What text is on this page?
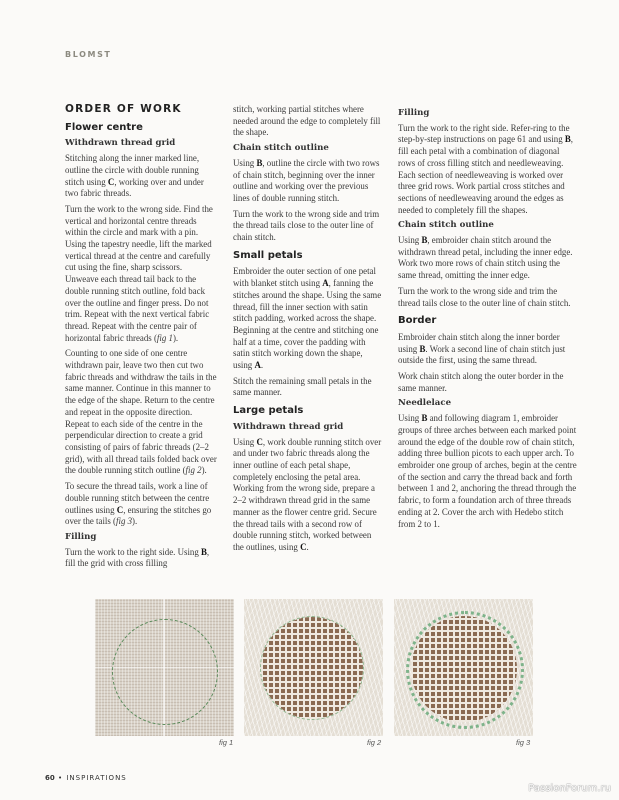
BLOMST
ORDER OF WORK
Flower centre
Withdrawn thread grid

Stitching along the inner marked line, outline the circle with double running stitch using C, working over and under two fabric threads.

Turn the work to the wrong side. Find the vertical and horizontal centre threads within the circle and mark with a pin. Using the tapestry needle, lift the marked vertical thread at the centre and carefully cut using the fine, sharp scissors. Unweave each thread tail back to the double running stitch outline, fold back over the outline and finger press. Do not trim. Repeat with the next vertical fabric thread. Repeat with the centre pair of horizontal fabric threads (fig 1).

Counting to one side of one centre withdrawn pair, leave two then cut two fabric threads and withdraw the tails in the same manner. Continue in this manner to the edge of the shape. Return to the centre and repeat in the opposite direction. Repeat to each side of the centre in the perpendicular direction to create a grid consisting of pairs of fabric threads (2–2 grid), with all thread tails folded back over the double running stitch outline (fig 2).

To secure the thread tails, work a line of double running stitch between the centre outlines using C, ensuring the stitches go over the tails (fig 3).

Filling

Turn the work to the right side. Using B, fill the grid with cross filling

stitch, working partial stitches where needed around the edge to completely fill the shape.

Chain stitch outline

Using B, outline the circle with two rows of chain stitch, beginning over the inner outline and working over the previous lines of double running stitch.

Turn the work to the wrong side and trim the thread tails close to the outer line of chain stitch.

Small petals

Embroider the outer section of one petal with blanket stitch using A, fanning the stitches around the shape. Using the same thread, fill the inner section with satin stitch padding, worked across the shape. Beginning at the centre and stitching one half at a time, cover the padding with satin stitch working down the shape, using A.

Stitch the remaining small petals in the same manner.

Large petals
Withdrawn thread grid

Using C, work double running stitch over and under two fabric threads along the inner outline of each petal shape, completely enclosing the petal area. Working from the wrong side, prepare a 2–2 withdrawn thread grid in the same manner as the flower centre grid. Secure the thread tails with a second row of double running stitch, worked between the outlines, using C.

Filling

Turn the work to the right side. Refer-ring to the step-by-step instructions on page 61 and using B, fill each petal with a combination of diagonal rows of cross filling stitch and needleweaving. Each section of needleweaving is worked over three grid rows. Work partial cross stitches and sections of needleweaving around the edges as needed to completely fill the shapes.

Chain stitch outline

Using B, embroider chain stitch around the withdrawn thread petal, including the inner edge. Work two more rows of chain stitch using the same thread, omitting the inner edge.

Turn the work to the wrong side and trim the thread tails close to the outer line of chain stitch.

Border

Embroider chain stitch along the inner border using B. Work a second line of chain stitch just outside the first, using the same thread.

Work chain stitch along the outer border in the same manner.

Needlelace

Using B and following diagram 1, embroider groups of three arches between each marked point around the edge of the double row of chain stitch, adding three bullion picots to each upper arch. To embroider one group of arches, begin at the centre of the section and carry the thread back and forth between 1 and 2, anchoring the thread through the fabric, to form a foundation arch of three threads ending at 2. Cover the arch with Hedebo stitch from 2 to 1.

fig 1	fig 2	fig 3
60 • INSPIRATIONS
PassionForum.ru
